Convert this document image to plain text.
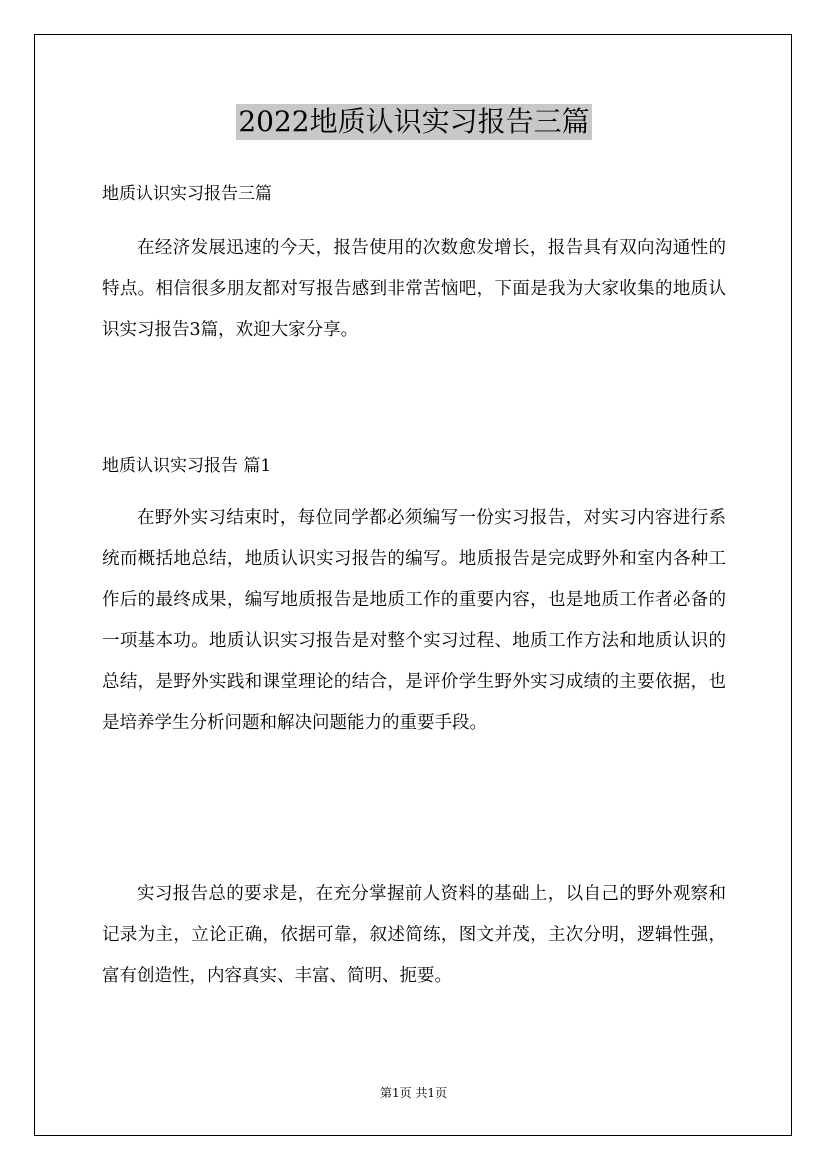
2022地质认识实习报告三篇
地质认识实习报告三篇

在经济发展迅速的今天，报告使用的次数愈发增长，报告具有双向沟通性的特点。相信很多朋友都对写报告感到非常苦恼吧，下面是我为大家收集的地质认识实习报告3篇，欢迎大家分享。

地质认识实习报告 篇1

在野外实习结束时，每位同学都必须编写一份实习报告，对实习内容进行系统而概括地总结，地质认识实习报告的编写。地质报告是完成野外和室内各种工作后的最终成果，编写地质报告是地质工作的重要内容，也是地质工作者必备的一项基本功。地质认识实习报告是对整个实习过程、地质工作方法和地质认识的总结，是野外实践和课堂理论的结合，是评价学生野外实习成绩的主要依据，也是培养学生分析问题和解决问题能力的重要手段。

实习报告总的要求是，在充分掌握前人资料的基础上，以自己的野外观察和记录为主，立论正确，依据可靠，叙述简练，图文并茂，主次分明，逻辑性强，富有创造性，内容真实、丰富、简明、扼要。

第1页 共1页
